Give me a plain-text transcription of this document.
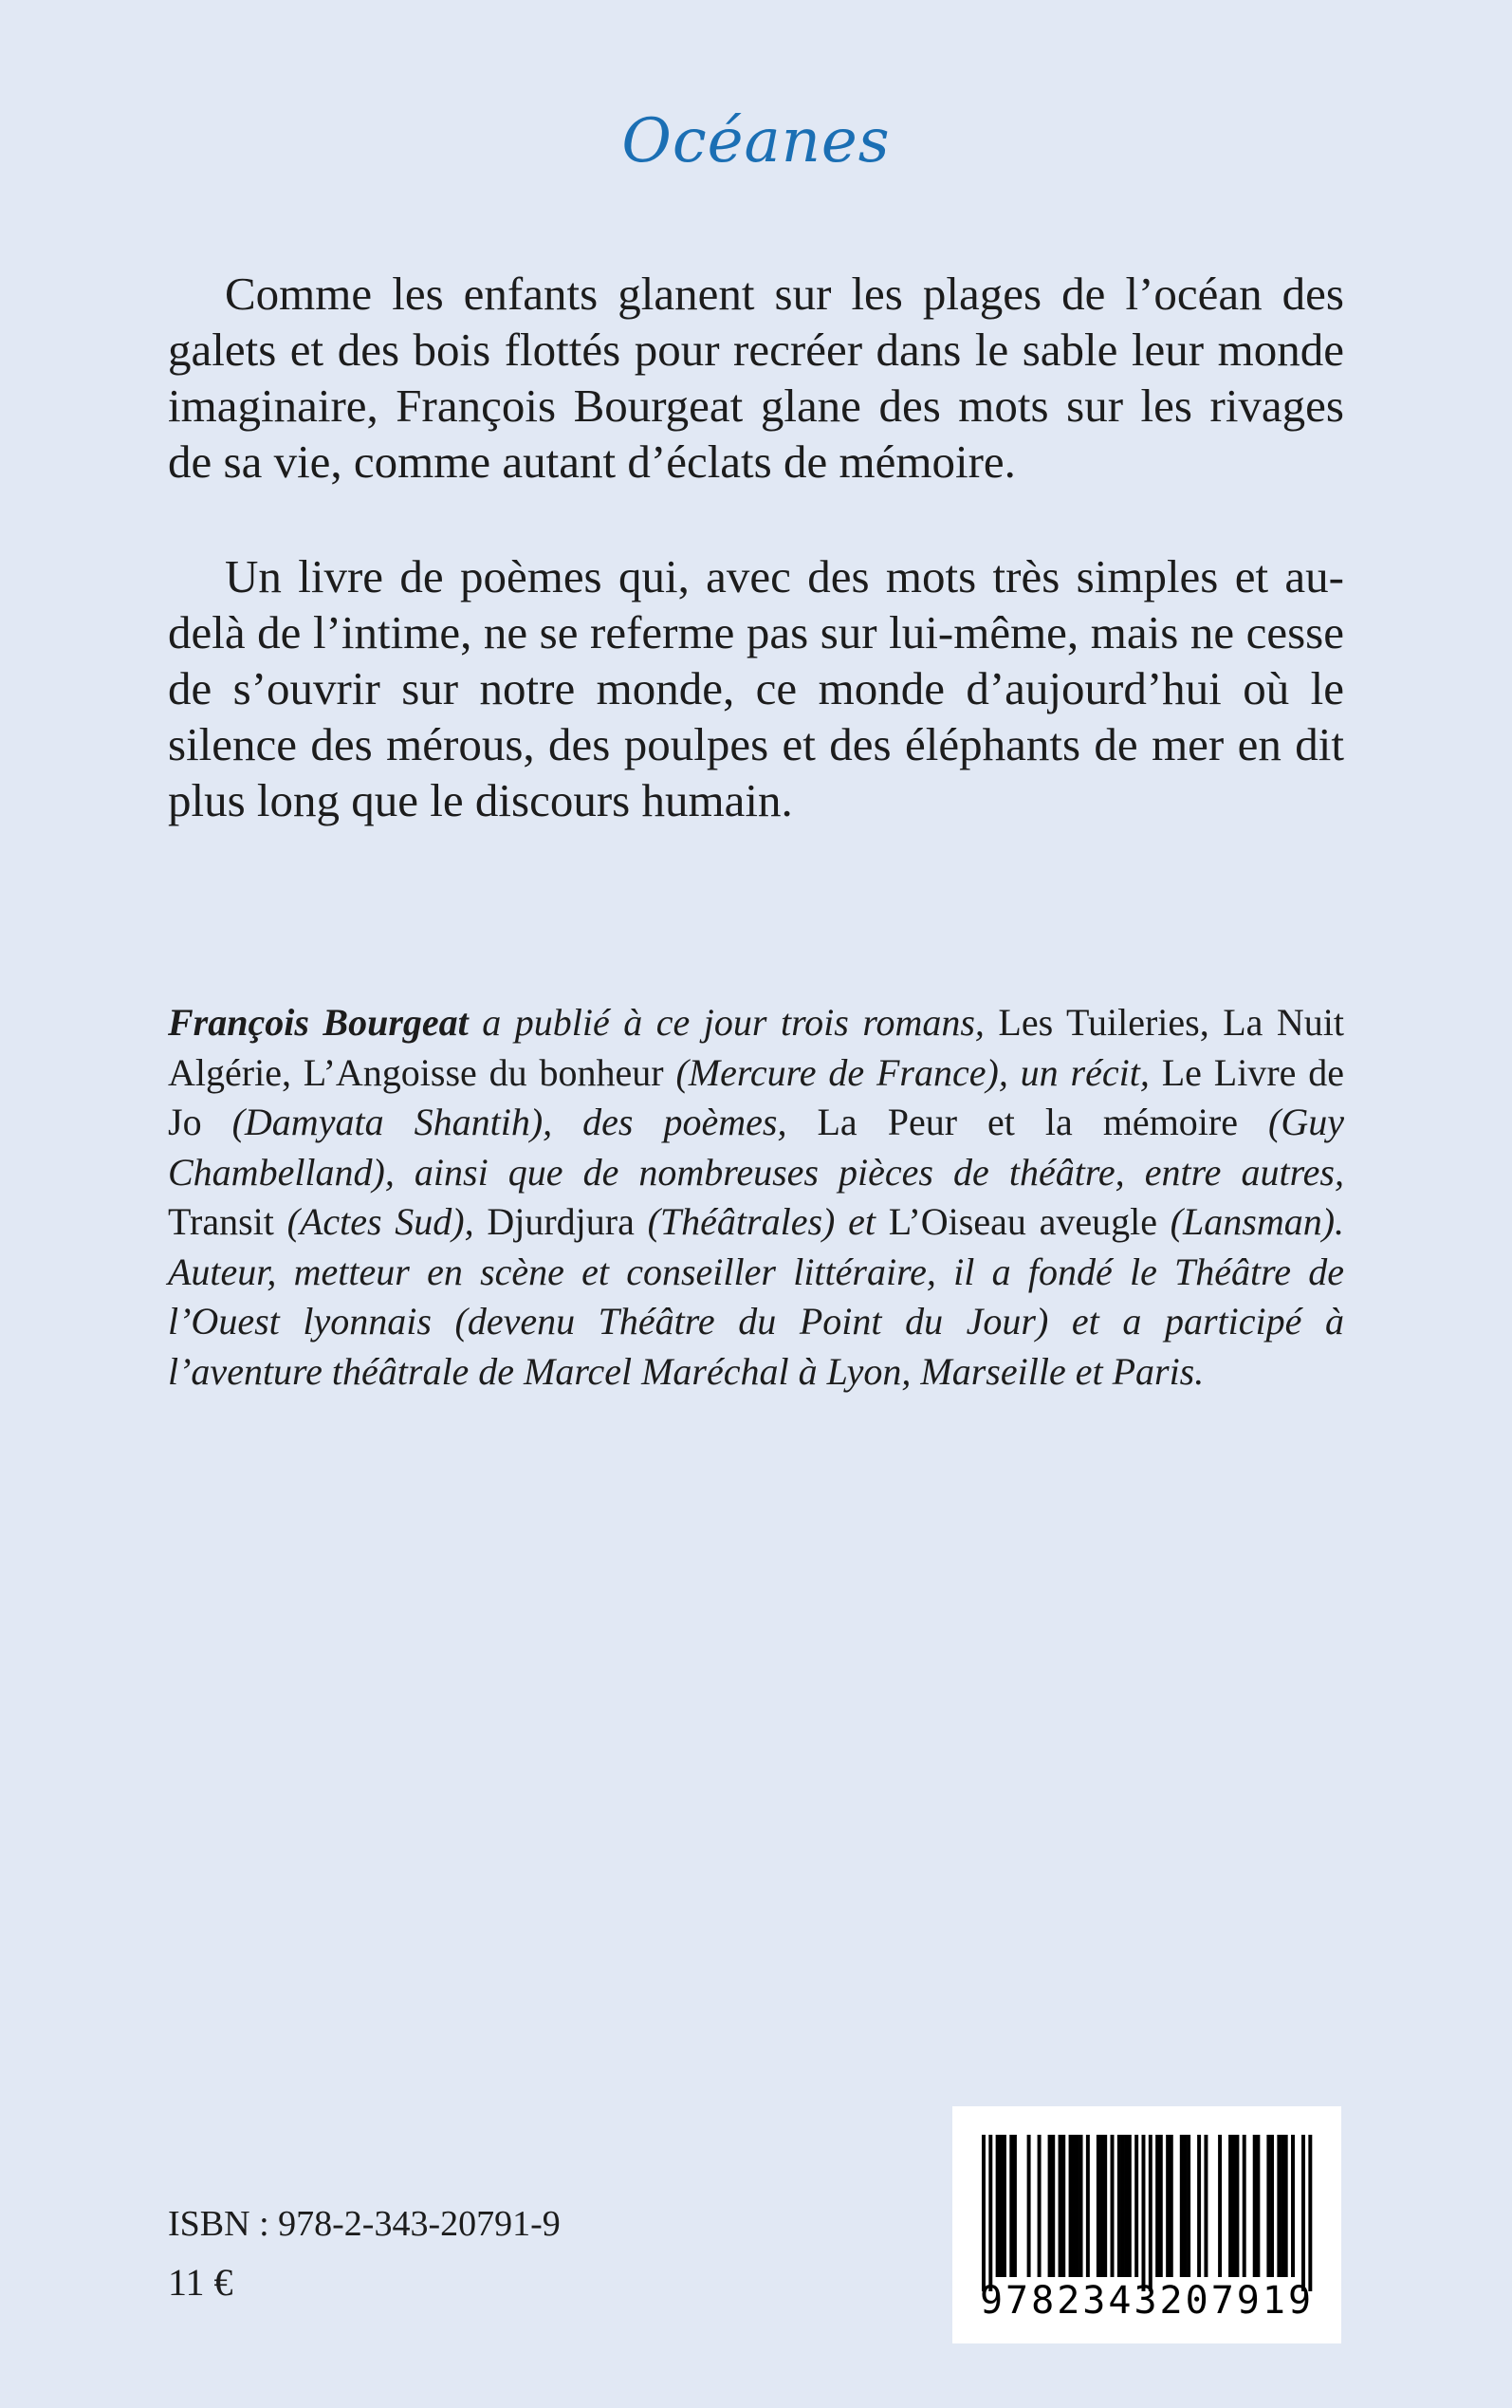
Océanes

Comme les enfants glanent sur les plages de l’océan des galets et des bois flottés pour recréer dans le sable leur monde imaginaire, François Bourgeat glane des mots sur les rivages de sa vie, comme autant d’éclats de mémoire.

Un livre de poèmes qui, avec des mots très simples et au-delà de l’intime, ne se referme pas sur lui-même, mais ne cesse de s’ouvrir sur notre monde, ce monde d’aujourd’hui où le silence des mérous, des poulpes et des éléphants de mer en dit plus long que le discours humain.

François Bourgeat a publié à ce jour trois romans, Les Tuileries, La Nuit Algérie, L’Angoisse du bonheur (Mercure de France), un récit, Le Livre de Jo (Damyata Shantih), des poèmes, La Peur et la mémoire (Guy Chambelland), ainsi que de nombreuses pièces de théâtre, entre autres, Transit (Actes Sud), Djurdjura (Théâtrales) et L’Oiseau aveugle (Lansman). Auteur, metteur en scène et conseiller littéraire, il a fondé le Théâtre de l’Ouest lyonnais (devenu Théâtre du Point du Jour) et a participé à l’aventure théâtrale de Marcel Maréchal à Lyon, Marseille et Paris.

ISBN : 978-2-343-20791-9
11 €	9782343207919
